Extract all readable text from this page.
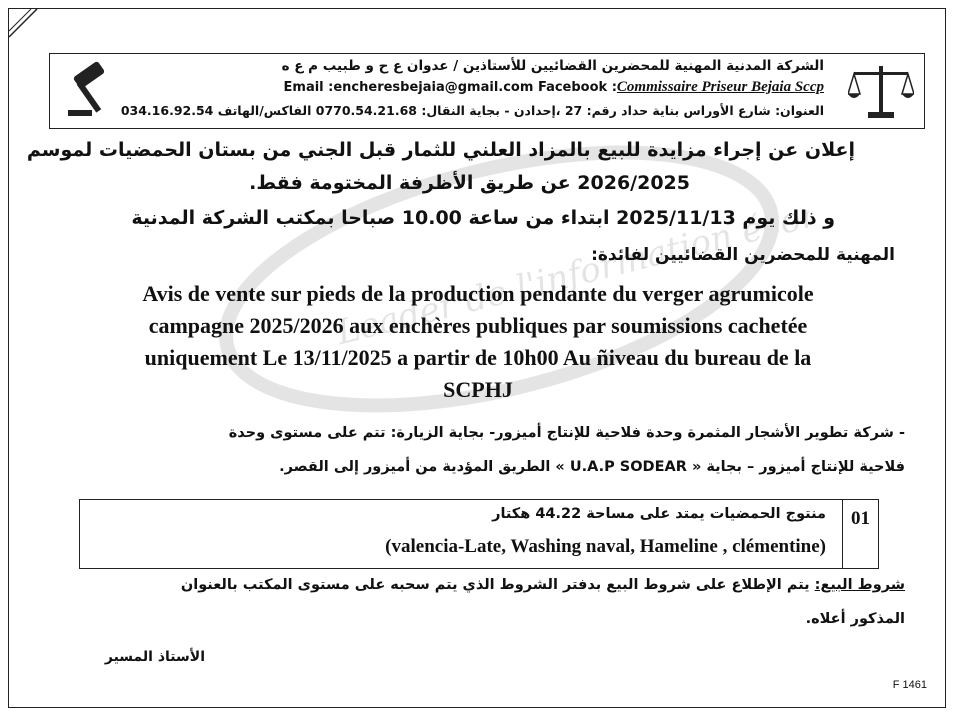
Leader de l'information économique
الشركة المدنية المهنية للمحضرين القضائيين للأستاذين / عدوان ع ح و طبيب م ع ه
Email :encheresbejaia@gmail.com Facebook :Commissaire Priseur Bejaia Sccp
العنوان: شارع الأوراس بناية حداد رقم: 27 ،إحدادن - بجاية النقال: 0770.54.21.68 الفاكس/الهاتف 034.16.92.54
إعلان عن إجراء مزايدة للبيع بالمزاد العلني للثمار قبل الجني من بستان الحمضيات لموسم
2026/2025 عن طريق الأظرفة المختومة فقط.
و ذلك يوم 2025/11/13 ابتداء من ساعة 10.00 صباحا بمكتب الشركة المدنية
المهنية للمحضرين القضائيين لفائدة:
Avis de vente sur pieds de la production pendante du verger agrumicole
campagne 2025/2026 aux enchères publiques par soumissions cachetée
uniquement Le 13/11/2025 a partir de 10h00 Au ñiveau du bureau de la
SCPHJ
- شركة تطوير الأشجار المثمرة وحدة فلاحية للإنتاج أميزور- بجاية الزيارة: تتم على مستوى وحدة
فلاحية للإنتاج أميزور – بجاية « U.A.P SODEAR » الطريق المؤدية من أميزور إلى القصر.
01
منتوج الحمضيات يمتد على مساحة 44.22 هكتار
(valencia-Late, Washing naval, Hameline , clémentine)
شروط البيع: يتم الإطلاع على شروط البيع بدفتر الشروط الذي يتم سحبه على مستوى المكتب بالعنوان
المذكور أعلاه.
الأستاذ المسير
F 1461
